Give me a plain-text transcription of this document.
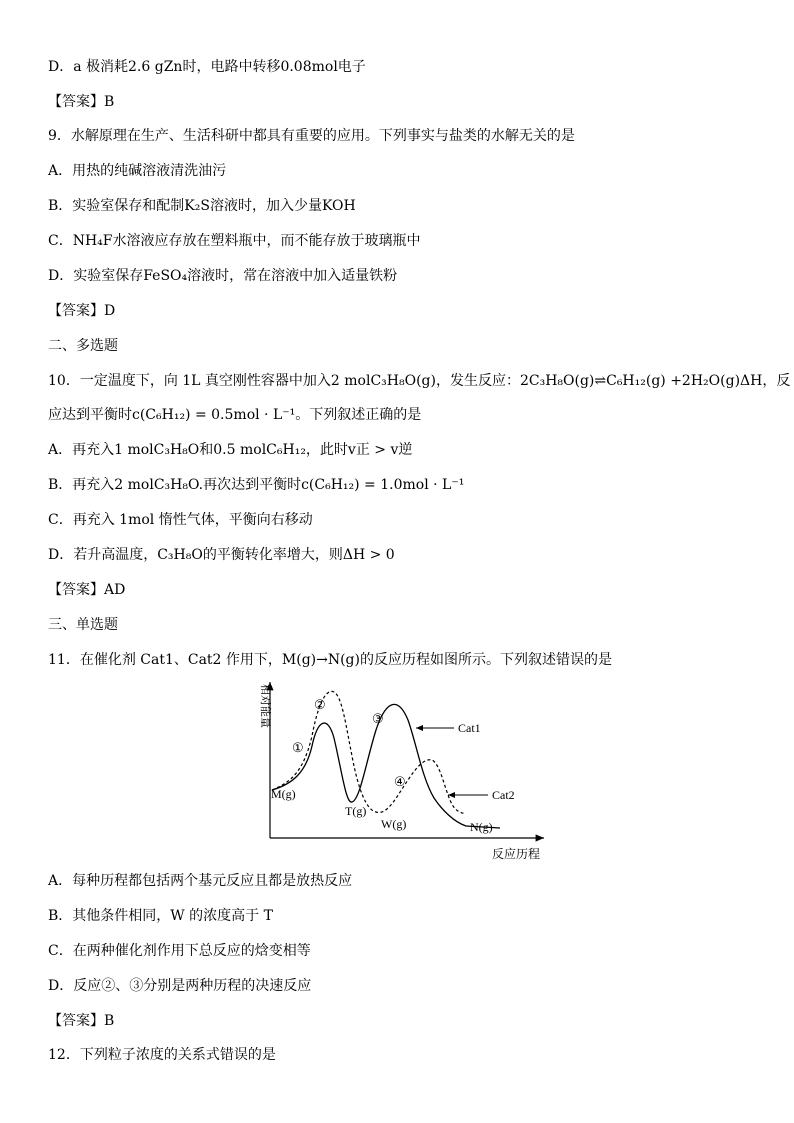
D．a 极消耗2.6 gZn时，电路中转移0.08mol电子
【答案】B
9．水解原理在生产、生活科研中都具有重要的应用。下列事实与盐类的水解无关的是
A．用热的纯碱溶液清洗油污
B．实验室保存和配制K₂S溶液时，加入少量KOH
C．NH₄F水溶液应存放在塑料瓶中，而不能存放于玻璃瓶中
D．实验室保存FeSO₄溶液时，常在溶液中加入适量铁粉
【答案】D
二、多选题
10．一定温度下，向 1L 真空刚性容器中加入2 molC₃H₈O(g)，发生反应：2C₃H₈O(g)⇌C₆H₁₂(g) +2H₂O(g)ΔH，反
应达到平衡时c(C₆H₁₂) = 0.5mol · L⁻¹。下列叙述正确的是
A．再充入1 molC₃H₈O和0.5 molC₆H₁₂，此时v正 > v逆
B．再充入2 molC₃H₈O.再次达到平衡时c(C₆H₁₂) = 1.0mol · L⁻¹
C．再充入 1mol 惰性气体，平衡向右移动
D．若升高温度，C₃H₈O的平衡转化率增大，则ΔH > 0
【答案】AD
三、单选题
11．在催化剂 Cat1、Cat2 作用下，M(g)→N(g)的反应历程如图所示。下列叙述错误的是
相对能量
反应历程
Cat1
Cat2
M(g)
T(g)
W(g)	N(g)
①
②
③
④
A．每种历程都包括两个基元反应且都是放热反应
B．其他条件相同，W 的浓度高于 T
C．在两种催化剂作用下总反应的焓变相等
D．反应②、③分别是两种历程的决速反应
【答案】B
12．下列粒子浓度的关系式错误的是
